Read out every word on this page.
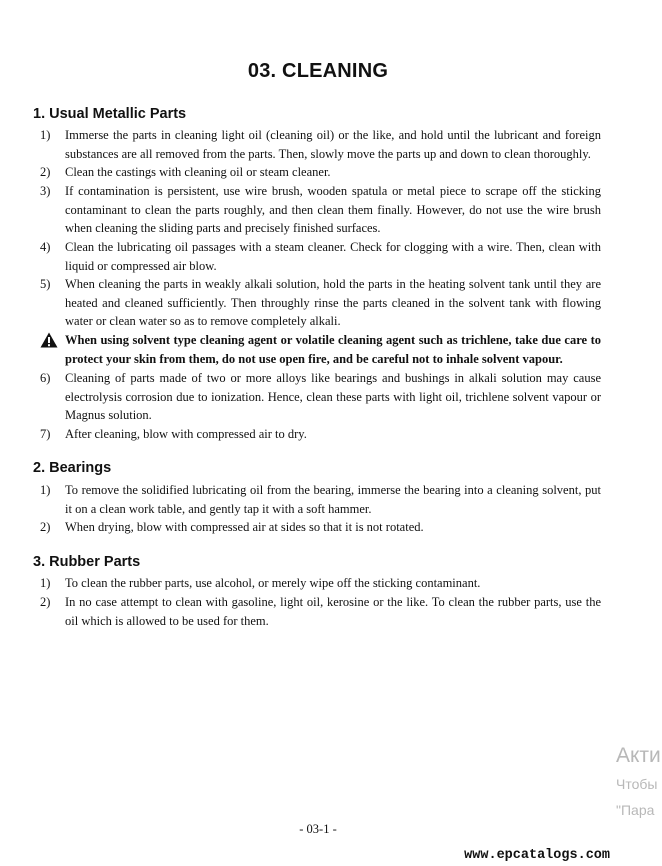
03. CLEANING
1. Usual Metallic Parts
1) Immerse the parts in cleaning light oil (cleaning oil) or the like, and hold until the lubricant and foreign substances are all removed from the parts. Then, slowly move the parts up and down to clean thoroughly.
2) Clean the castings with cleaning oil or steam cleaner.
3) If contamination is persistent, use wire brush, wooden spatula or metal piece to scrape off the sticking contaminant to clean the parts roughly, and then clean them finally. However, do not use the wire brush when cleaning the sliding parts and precisely finished surfaces.
4) Clean the lubricating oil passages with a steam cleaner. Check for clogging with a wire. Then, clean with liquid or compressed air blow.
5) When cleaning the parts in weakly alkali solution, hold the parts in the heating solvent tank until they are heated and cleaned sufficiently. Then throughly rinse the parts cleaned in the solvent tank with flowing water or clean water so as to remove completely alkali.
When using solvent type cleaning agent or volatile cleaning agent such as trichlene, take due care to protect your skin from them, do not use open fire, and be careful not to inhale solvent vapour.
6) Cleaning of parts made of two or more alloys like bearings and bushings in alkali solution may cause electrolysis corrosion due to ionization. Hence, clean these parts with light oil, trichlene solvent vapour or Magnus solution.
7) After cleaning, blow with compressed air to dry.
2. Bearings
1) To remove the solidified lubricating oil from the bearing, immerse the bearing into a cleaning solvent, put it on a clean work table, and gently tap it with a soft hammer.
2) When drying, blow with compressed air at sides so that it is not rotated.
3. Rubber Parts
1) To clean the rubber parts, use alcohol, or merely wipe off the sticking contaminant.
2) In no case attempt to clean with gasoline, light oil, kerosine or the like. To clean the rubber parts, use the oil which is allowed to be used for them.
Акти
Чтобы
"Пара
- 03-1 -
www.epcatalogs.com
